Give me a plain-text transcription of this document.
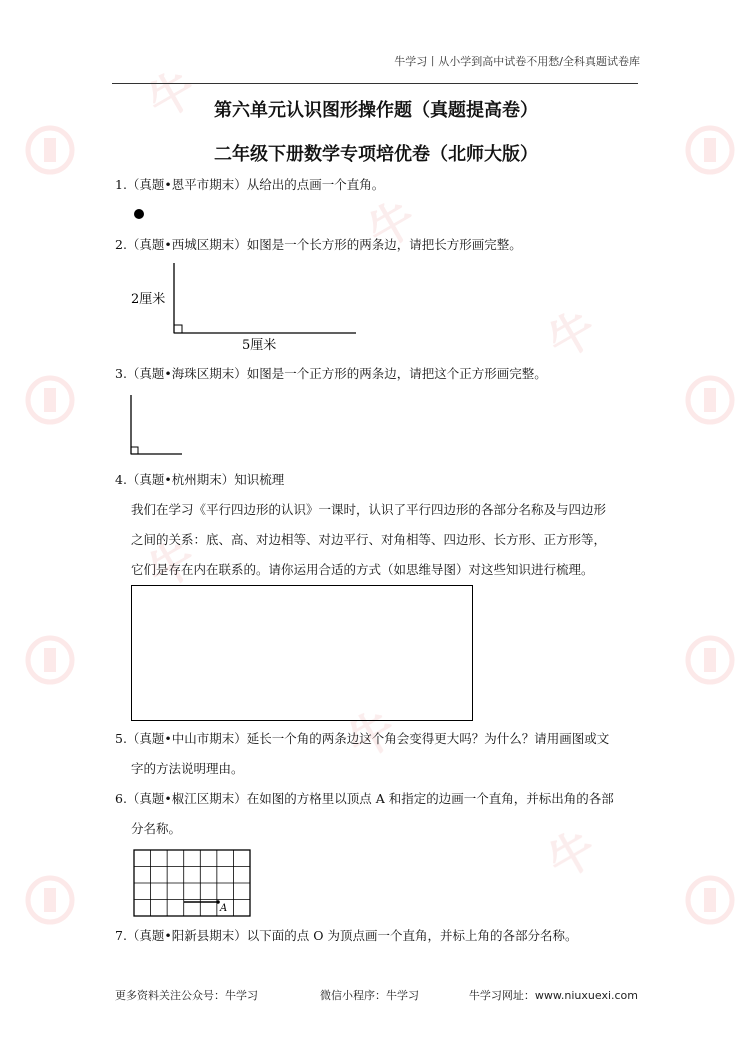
牛
牛
牛
牛
牛
牛
牛学习丨从小学到高中试卷不用愁/全科真题试卷库
第六单元认识图形操作题（真题提高卷）
二年级下册数学专项培优卷（北师大版）
1.（真题•恩平市期末）从给出的点画一个直角。
2.（真题•西城区期末）如图是一个长方形的两条边，请把长方形画完整。
2厘米
5厘米
3.（真题•海珠区期末）如图是一个正方形的两条边，请把这个正方形画完整。
4.（真题•杭州期末）知识梳理
我们在学习《平行四边形的认识》一课时，认识了平行四边形的各部分名称及与四边形
之间的关系：底、高、对边相等、对边平行、对角相等、四边形、长方形、正方形等，
它们是存在内在联系的。请你运用合适的方式（如思维导图）对这些知识进行梳理。
5.（真题•中山市期末）延长一个角的两条边这个角会变得更大吗？为什么？请用画图或文
字的方法说明理由。
6.（真题•椒江区期末）在如图的方格里以顶点 A 和指定的边画一个直角，并标出角的各部
分名称。
A
7.（真题•阳新县期末）以下面的点 O 为顶点画一个直角，并标上角的各部分名称。
更多资料关注公众号：牛学习	微信小程序：牛学习	牛学习网址：www.niuxuexi.com
